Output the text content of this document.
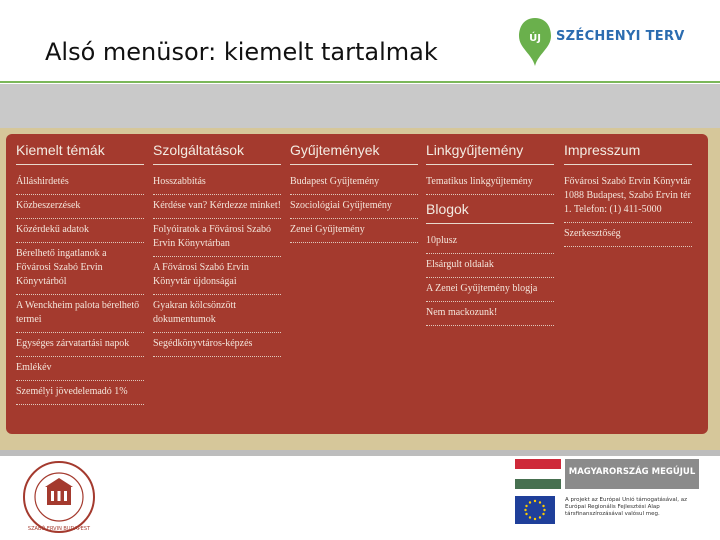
Alsó menüsor: kiemelt tartalmak	ÚJ SZÉCHENYI TERV
Kiemelt témák
Álláshirdetés
Közbeszerzések
Közérdekű adatok
Bérelhető ingatlanok a Fővárosi Szabó Ervin Könyvtárból
A Wenckheim palota bérelhető termei
Egységes zárvatartási napok
Emlékév
Személyi jövedelemadó 1%
Szolgáltatások
Hosszabbítás
Kérdése van? Kérdezze minket!
Folyóiratok a Fővárosi Szabó Ervin Könyvtárban
A Fővárosi Szabó Ervin Könyvtár újdonságai
Gyakran kölcsönzött dokumentumok
Segédkönyvtáros-képzés
Gyűjtemények
Budapest Gyűjtemény
Szociológiai Gyűjtemény
Zenei Gyűjtemény
Linkgyűjtemény
Tematikus linkgyűjtemény
Blogok
10plusz
Elsárgult oldalak
A Zenei Gyűjtemény blogja
Nem mackozunk!
Impresszum
Fővárosi Szabó Ervin Könyvtár 1088 Budapest, Szabó Ervin tér 1. Telefon: (1) 411-5000
Szerkesztőség
SZABÓ ERVIN BUDAPEST
MAGYARORSZÁG MEGÚJUL
A projekt az Európai Unió támogatásával, az Európai Regionális Fejlesztési Alap társfinanszírozásával valósul meg.
